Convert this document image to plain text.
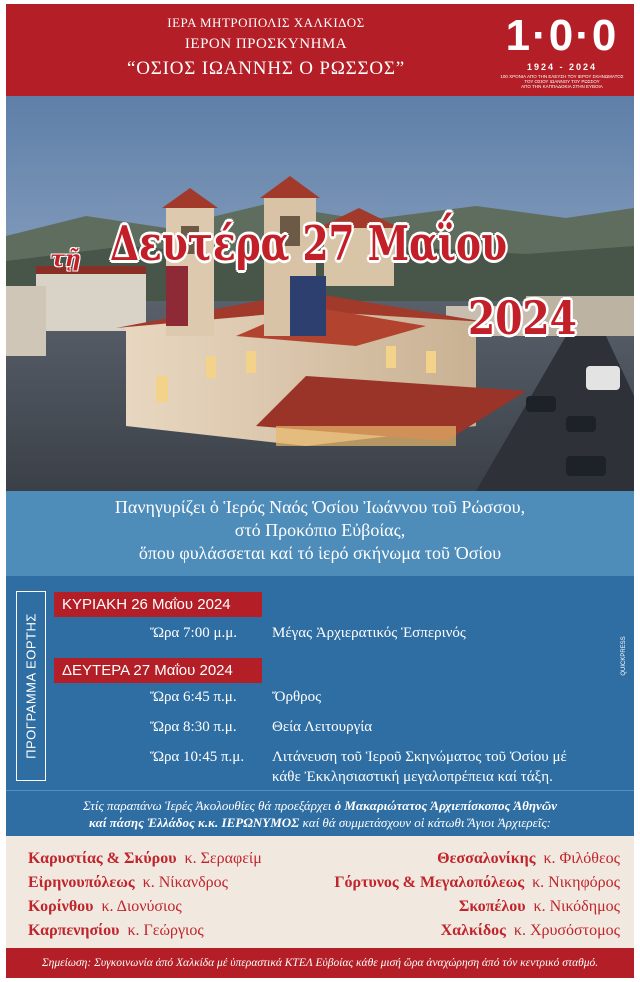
ΙΕΡΑ ΜΗΤΡΟΠΟΛΙΣ ΧΑΛΚΙΔΟΣ
ΙΕΡΟΝ ΠΡΟΣΚΥΝΗΜΑ
“ΟΣΙΟΣ ΙΩΑΝΝΗΣ Ο ΡΩΣΣΟΣ”
1·0·0
1924 - 2024
100 ΧΡΟΝΙΑ ΑΠΟ ΤΗΝ ΕΛΕΥΣΗ ΤΟΥ ΙΕΡΟΥ ΣΚΗΝΩΜΑΤΟΣ
ΤΟΥ ΟΣΙΟΥ ΙΩΑΝΝΟΥ ΤΟΥ ΡΩΣΣΟΥ
ΑΠΟ ΤΗΝ ΚΑΠΠΑΔΟΚΙΑ ΣΤΗΝ ΕΥΒΟΙΑ
τῇ Δευτέρα 27 Μαΐου
2024

Πανηγυρίζει ὁ Ἱερός Ναός Ὁσίου Ἰωάννου τοῦ Ρώσσου,

στό Προκόπιο Εὐβοίας,

ὅπου φυλάσσεται καί τό ἱερό σκήνωμα τοῦ Ὁσίου

ΠΡΟΓΡΑΜΜΑ ΕΟΡΤΗΣ
ΚΥΡΙΑΚΗ 26 Μαΐου 2024
Ὥρα 7:00 μ.μ. Μέγας Ἀρχιερατικός Ἑσπερινός
ΔΕΥΤΕΡΑ 27 Μαΐου 2024
Ὥρα 6:45 π.μ. Ὄρθρος
Ὥρα 8:30 π.μ. Θεία Λειτουργία
Ὥρα 10:45 π.μ. Λιτάνευση τοῦ Ἱεροῦ Σκηνώματος τοῦ Ὁσίου μέ
κάθε Ἐκκλησιαστική μεγαλοπρέπεια καί τάξη.
QUICKPRESS

Στίς παραπάνω Ἱερές Ἀκολουθίες θά προεξάρχει ὁ Μακαριώτατος Ἀρχιεπίσκοπος Ἀθηνῶν

καί πάσης Ἑλλάδος κ.κ. ΙΕΡΩΝΥΜΟΣ καί θά συμμετάσχουν οἱ κάτωθι Ἅγιοι Ἀρχιερεῖς:

Καρυστίας & Σκύρου κ. Σεραφείμ
Εἰρηνουπόλεως κ. Νίκανδρος
Κορίνθου κ. Διονύσιος
Καρπενησίου κ. Γεώργιος
Θεσσαλονίκης κ. Φιλόθεος
Γόρτυνος & Μεγαλοπόλεως κ. Νικηφόρος
Σκοπέλου κ. Νικόδημος
Χαλκίδος κ. Χρυσόστομος

Σημείωση: Συγκοινωνία ἀπό Χαλκίδα μέ ὑπεραστικά ΚΤΕΛ Εὐβοίας κάθε μισή ὥρα ἀναχώρηση ἀπό τόν κεντρικό σταθμό.
